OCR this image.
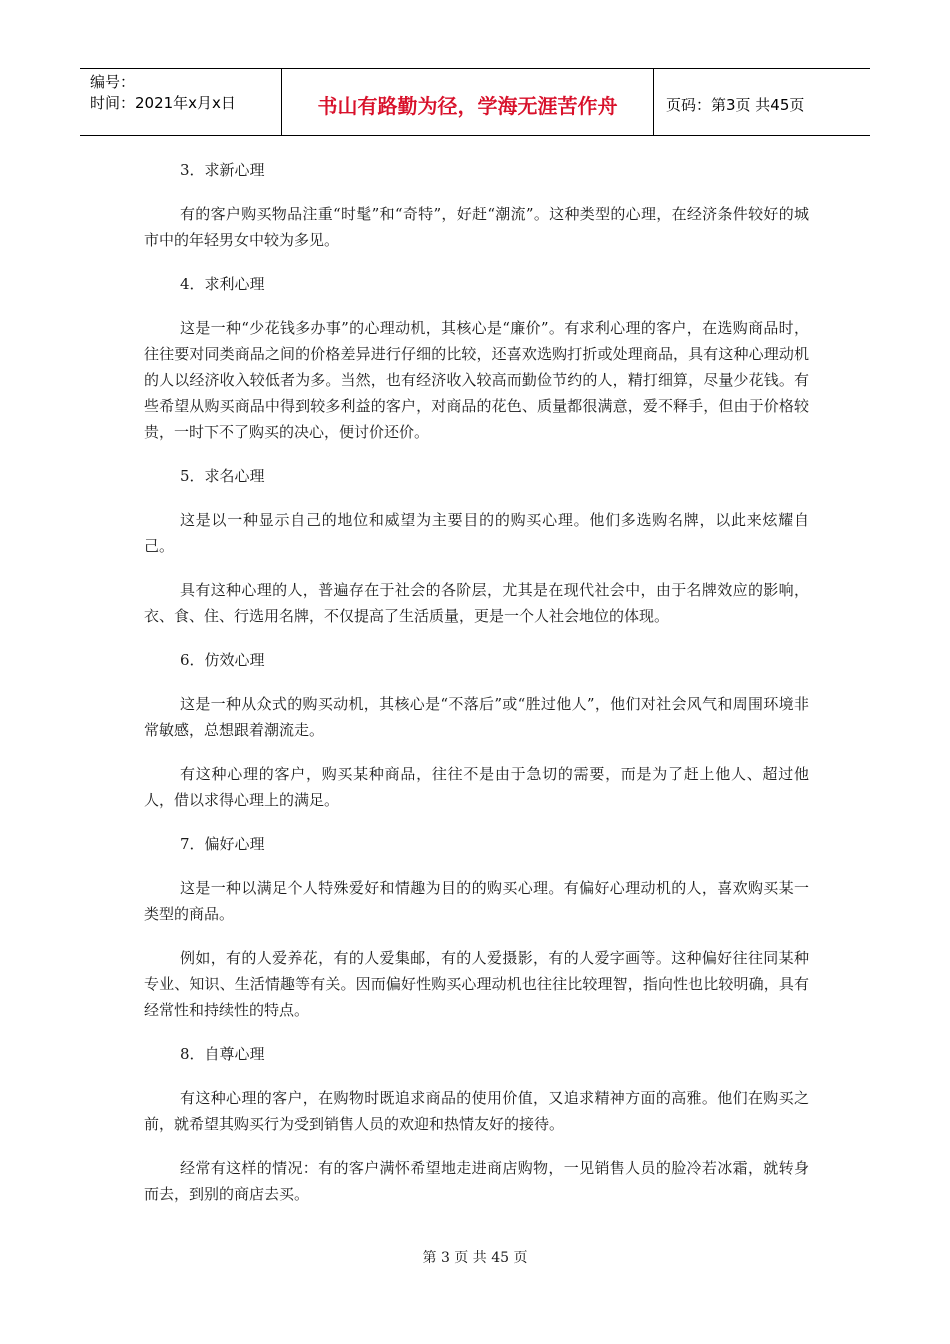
编号：
时间：2021年x月x日	书山有路勤为径，学海无涯苦作舟	页码：第3页 共45页
3．求新心理
有的客户购买物品注重“时髦”和“奇特”，好赶“潮流”。这种类型的心理，在经济条件较好的城市中的年轻男女中较为多见。
4．求利心理
这是一种“少花钱多办事”的心理动机，其核心是“廉价”。有求利心理的客户，在选购商品时，往往要对同类商品之间的价格差异进行仔细的比较，还喜欢选购打折或处理商品，具有这种心理动机的人以经济收入较低者为多。当然，也有经济收入较高而勤俭节约的人，精打细算，尽量少花钱。有些希望从购买商品中得到较多利益的客户，对商品的花色、质量都很满意，爱不释手，但由于价格较贵，一时下不了购买的决心，便讨价还价。
5．求名心理
这是以一种显示自己的地位和威望为主要目的的购买心理。他们多选购名牌，以此来炫耀自己。
具有这种心理的人，普遍存在于社会的各阶层，尤其是在现代社会中，由于名牌效应的影响，衣、食、住、行选用名牌，不仅提高了生活质量，更是一个人社会地位的体现。
6．仿效心理
这是一种从众式的购买动机，其核心是“不落后”或“胜过他人”，他们对社会风气和周围环境非常敏感，总想跟着潮流走。
有这种心理的客户，购买某种商品，往往不是由于急切的需要，而是为了赶上他人、超过他人，借以求得心理上的满足。
7．偏好心理
这是一种以满足个人特殊爱好和情趣为目的的购买心理。有偏好心理动机的人，喜欢购买某一类型的商品。
例如，有的人爱养花，有的人爱集邮，有的人爱摄影，有的人爱字画等。这种偏好往往同某种专业、知识、生活情趣等有关。因而偏好性购买心理动机也往往比较理智，指向性也比较明确，具有经常性和持续性的特点。
8．自尊心理
有这种心理的客户，在购物时既追求商品的使用价值，又追求精神方面的高雅。他们在购买之前，就希望其购买行为受到销售人员的欢迎和热情友好的接待。
经常有这样的情况：有的客户满怀希望地走进商店购物，一见销售人员的脸冷若冰霜，就转身而去，到别的商店去买。
第 3 页 共 45 页
